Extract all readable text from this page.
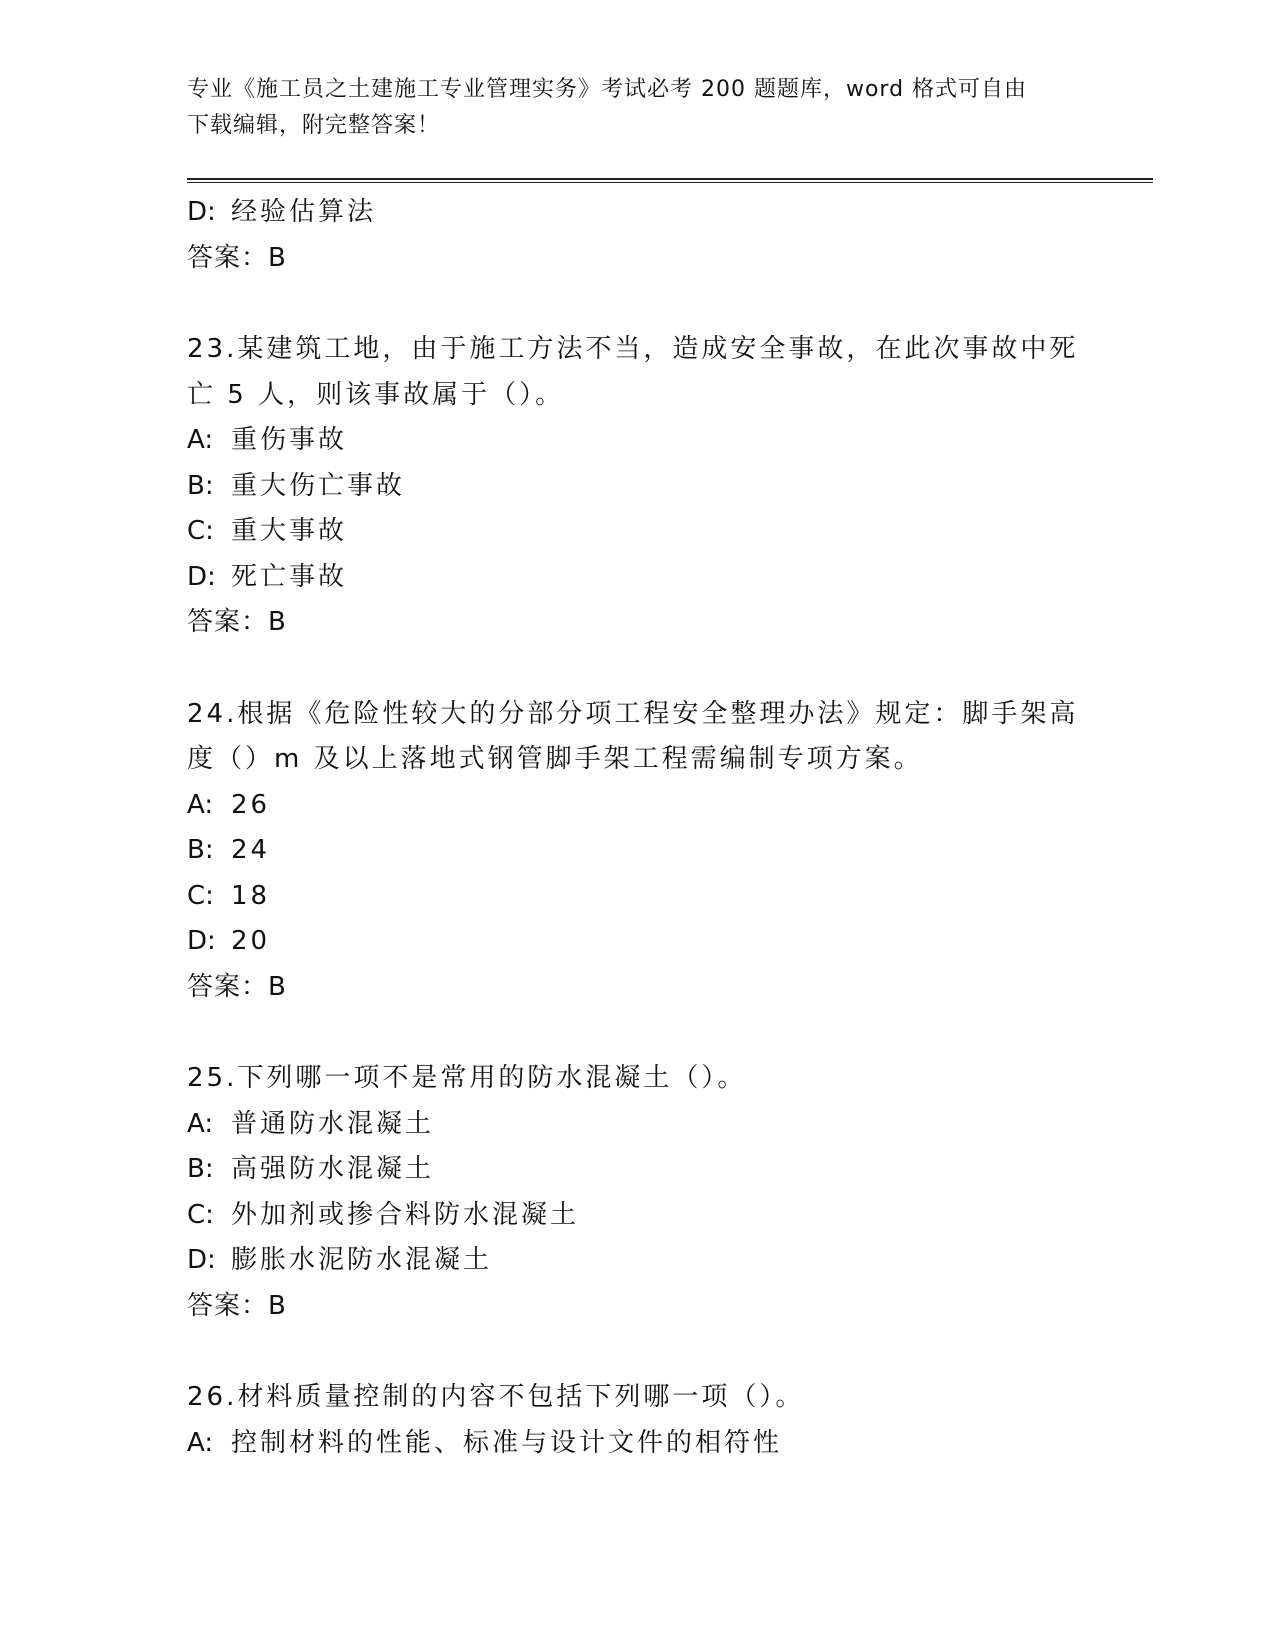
专业《施工员之土建施工专业管理实务》考试必考 200 题题库，word 格式可自由
下载编辑，附完整答案！
D: 经验估算法
答案：B
23.某建筑工地，由于施工方法不当，造成安全事故，在此次事故中死
亡 5 人，则该事故属于（）。
A: 重伤事故
B: 重大伤亡事故
C: 重大事故
D: 死亡事故
答案：B
24.根据《危险性较大的分部分项工程安全整理办法》规定：脚手架高
度（）m 及以上落地式钢管脚手架工程需编制专项方案。
A: 26
B: 24
C: 18
D: 20
答案：B
25.下列哪一项不是常用的防水混凝土（）。
A: 普通防水混凝土
B: 高强防水混凝土
C: 外加剂或掺合料防水混凝土
D: 膨胀水泥防水混凝土
答案：B
26.材料质量控制的内容不包括下列哪一项（）。
A: 控制材料的性能、标准与设计文件的相符性
